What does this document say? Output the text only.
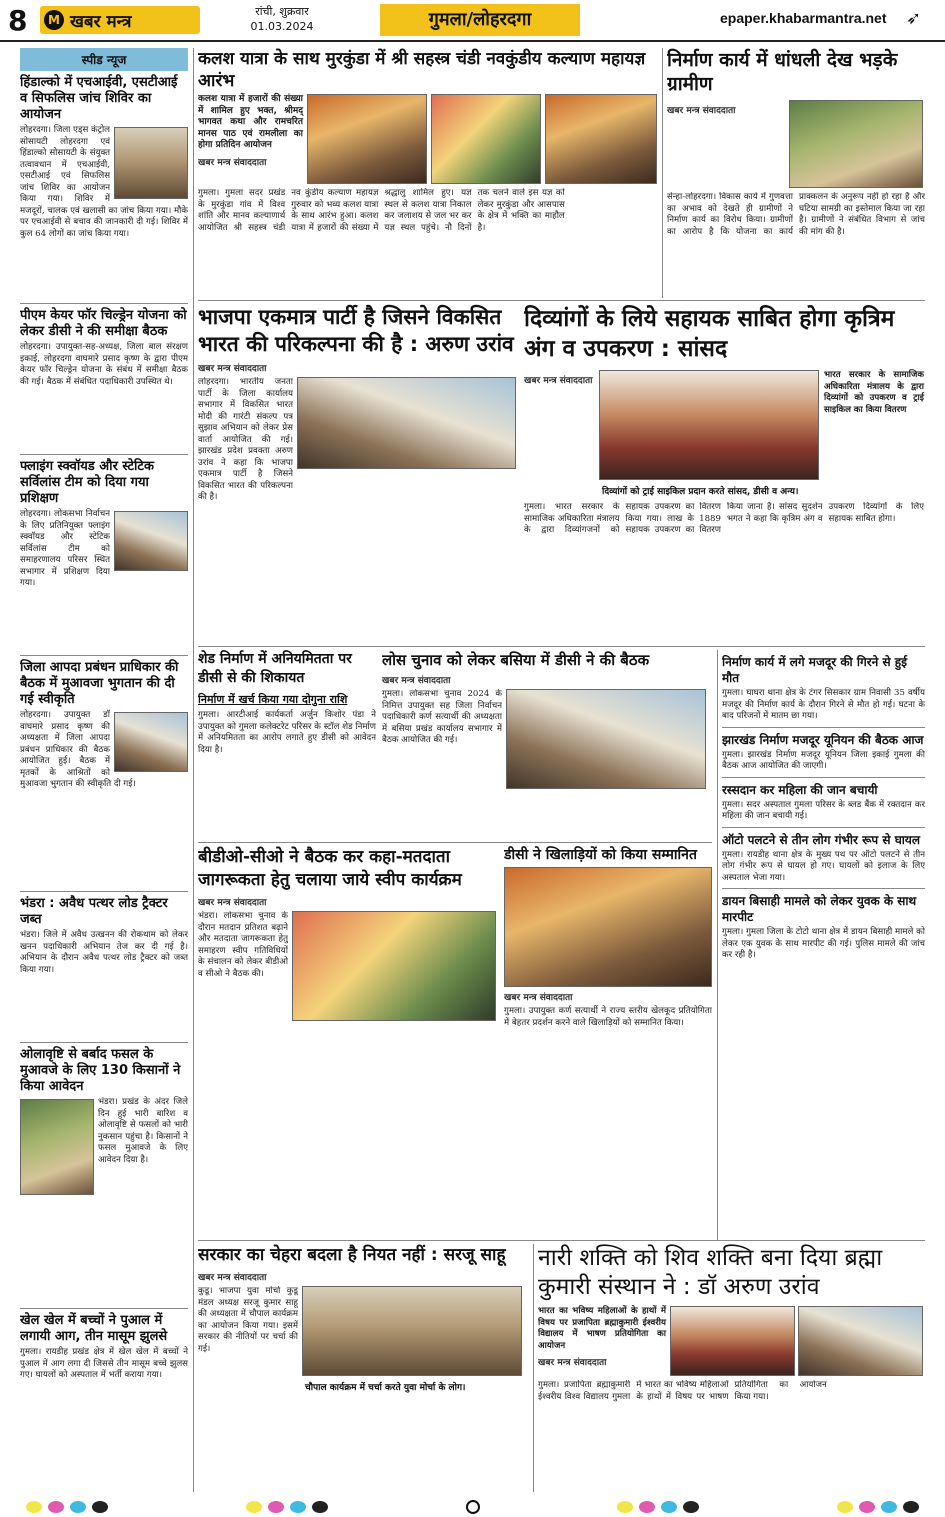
8	M खबर मन्त्र	रांची, शुक्रवार
01.03.2024	गुमला/लोहरदगा	epaper.khabarmantra.net ➶
स्पीड न्यूज
हिंडाल्को में एचआईवी, एसटीआई व सिफलिस जांच शिविर का आयोजन
लोहरदगा। जिला एड्स कंट्रोल सोसायटी लोहरदगा एवं हिंडाल्को सोसायटी के संयुक्त तत्वावधान में एचआईवी, एसटीआई एवं सिफलिस जांच शिविर का आयोजन किया गया। शिविर में मजदूरों, चालक एवं खलासी का जांच किया गया। मौके पर एचआईवी से बचाव की जानकारी दी गई। शिविर में कुल 64 लोगों का जांच किया गया।
पीएम केयर फॉर चिल्ड्रेन योजना को लेकर डीसी ने की समीक्षा बैठक
लोहरदगा। उपायुक्त-सह-अध्यक्ष, जिला बाल संरक्षण इकाई, लोहरदगा वाघमारे प्रसाद कृष्ण के द्वारा पीएम केयर फॉर चिल्ड्रेन योजना के संबंध में समीक्षा बैठक की गई। बैठक में संबंधित पदाधिकारी उपस्थित थे।
फ्लाइंग स्क्वॉयड और स्टेटिक सर्विलांस टीम को दिया गया प्रशिक्षण
लोहरदगा। लोकसभा निर्वाचन के लिए प्रतिनियुक्त फ्लाइंग स्क्वॉयड और स्टेटिक सर्विलांस टीम को समाहरणालय परिसर स्थित सभागार में प्रशिक्षण दिया गया।
जिला आपदा प्रबंधन प्राधिकार की बैठक में मुआवजा भुगतान की दी गई स्वीकृति
लोहरदगा। उपायुक्त डॉ वाघमारे प्रसाद कृष्ण की अध्यक्षता में जिला आपदा प्रबंधन प्राधिकार की बैठक आयोजित हुई। बैठक में मृतकों के आश्रितों को मुआवजा भुगतान की स्वीकृति दी गई।
भंडरा : अवैध पत्थर लोड ट्रैक्टर जब्त
भंडरा। जिले में अवैध उत्खनन की रोकथाम को लेकर खनन पदाधिकारी अभियान तेज कर दी गई है। अभियान के दौरान अवैध पत्थर लोड ट्रैक्टर को जब्त किया गया।
ओलावृष्टि से बर्बाद फसल के मुआवजे के लिए 130 किसानों ने किया आवेदन
भंडरा। प्रखंड के अंदर जिले दिन हुई भारी बारिश व ओलावृष्टि से फसलों को भारी नुकसान पहुंचा है। किसानों ने फसल मुआवजे के लिए आवेदन दिया है।
खेल खेल में बच्चों ने पुआल में लगायी आग, तीन मासूम झुलसे
गुमला। रायडीह प्रखंड क्षेत्र में खेल खेल में बच्चों ने पुआल में आग लगा दी जिससे तीन मासूम बच्चे झुलस गए। घायलों को अस्पताल में भर्ती कराया गया।
कलश यात्रा के साथ मुरकुंडा में श्री सहस्त्र चंडी नवकुंडीय कल्याण महायज्ञ आरंभ
कलश यात्रा में हजारों की संख्या में शामिल हुए भक्त, श्रीमद् भागवत कथा और रामचरित मानस पाठ एवं रामलीला का होगा प्रतिदिन आयोजन
खबर मन्त्र संवाददाता
गुमला। गुमला सदर प्रखंड के मुरकुंडा गांव में विश्व शांति और मानव कल्याणार्थ आयोजित श्री सहस्त्र चंडी नव कुंडीय कल्याण महायज्ञ गुरुवार को भव्य कलश यात्रा के साथ आरंभ हुआ। कलश यात्रा में हजारों की संख्या में श्रद्धालु शामिल हुए। यज्ञ स्थल से कलश यात्रा निकाल कर जलाशय से जल भर कर यज्ञ स्थल पहुंचे। नौ दिनों तक चलने वाले इस यज्ञ को लेकर मुरकुंडा और आसपास के क्षेत्र में भक्ति का माहौल है।
निर्माण कार्य में धांधली देख भड़के ग्रामीण
खबर मन्त्र संवाददाता
सेन्हा-लोहरदगा। विकास कार्य में गुणवत्ता का अभाव को देखते ही ग्रामीणों ने निर्माण कार्य का विरोध किया। ग्रामीणों का आरोप है कि योजना का कार्य प्राक्कलन के अनुरूप नहीं हो रहा है और घटिया सामग्री का इस्तेमाल किया जा रहा है। ग्रामीणों ने संबंधित विभाग से जांच की मांग की है।
भाजपा एकमात्र पार्टी है जिसने विकसित भारत की परिकल्पना की है : अरुण उरांव
खबर मन्त्र संवाददाता
लोहरदगा। भारतीय जनता पार्टी के जिला कार्यालय सभागार में विकसित भारत मोदी की गारंटी संकल्प पत्र सुझाव अभियान को लेकर प्रेस वार्ता आयोजित की गई। झारखंड प्रदेश प्रवक्ता अरुण उरांव ने कहा कि भाजपा एकमात्र पार्टी है जिसने विकसित भारत की परिकल्पना की है।
दिव्यांगों के लिये सहायक साबित होगा कृत्रिम अंग व उपकरण : सांसद
खबर मन्त्र संवाददाता
दिव्यांगों को ट्राई साइकिल प्रदान करते सांसद, डीसी व अन्य।
भारत सरकार के सामाजिक अधिकारिता मंत्रालय के द्वारा दिव्यांगों को उपकरण व ट्राई साइकिल का किया वितरण
गुमला। भारत सरकार के सामाजिक अधिकारिता मंत्रालय के द्वारा दिव्यांगजनों को सहायक उपकरण का वितरण किया गया। लाख के 1889 सहायक उपकरण का वितरण किया जाना है। सांसद सुदर्शन भगत ने कहा कि कृत्रिम अंग व उपकरण दिव्यांगों के लिए सहायक साबित होगा।
शेड निर्माण में अनियमितता पर डीसी से की शिकायत
निर्माण में खर्च किया गया दोगुना राशि
गुमला। आरटीआई कार्यकर्ता अर्जुन किशोर पंडा ने उपायुक्त को गुमला कलेक्टरेट परिसर के स्टॉल शेड निर्माण में अनियमितता का आरोप लगाते हुए डीसी को आवेदन दिया है।
लोस चुनाव को लेकर बसिया में डीसी ने की बैठक
खबर मन्त्र संवाददाता
गुमला। लोकसभा चुनाव 2024 के निमित्त उपायुक्त सह जिला निर्वाचन पदाधिकारी कर्ण सत्यार्थी की अध्यक्षता में बसिया प्रखंड कार्यालय सभागार में बैठक आयोजित की गई।
निर्माण कार्य में लगे मजदूर की गिरने से हुई मौत
गुमला। घाघरा थाना क्षेत्र के टंगर सिसकार ग्राम निवासी 35 वर्षीय मजदूर की निर्माण कार्य के दौरान गिरने से मौत हो गई। घटना के बाद परिजनों में मातम छा गया।
झारखंड निर्माण मजदूर यूनियन की बैठक आज
गुमला। झारखंड निर्माण मजदूर यूनियन जिला इकाई गुमला की बैठक आज आयोजित की जाएगी।
रस्सदान कर महिला की जान बचायी
गुमला। सदर अस्पताल गुमला परिसर के ब्लड बैंक में रक्तदान कर महिला की जान बचायी गई।
ऑटो पलटने से तीन लोग गंभीर रूप से घायल
गुमला। रायडीह थाना क्षेत्र के मुख्य पथ पर ऑटो पलटने से तीन लोग गंभीर रूप से घायल हो गए। घायलों को इलाज के लिए अस्पताल भेजा गया।
डायन बिसाही मामले को लेकर युवक के साथ मारपीट
गुमला। गुमला जिला के टोटो थाना क्षेत्र में डायन बिसाही मामले को लेकर एक युवक के साथ मारपीट की गई। पुलिस मामले की जांच कर रही है।
बीडीओ-सीओ ने बैठक कर कहा-मतदाता जागरूकता हेतु चलाया जाये स्वीप कार्यक्रम
खबर मन्त्र संवाददाता
भंडरा। लोकसभा चुनाव के दौरान मतदान प्रतिशत बढ़ाने और मतदाता जागरूकता हेतु समाहरण स्वीप गतिविधियों के संचालन को लेकर बीडीओ व सीओ ने बैठक की।
डीसी ने खिलाड़ियों को किया सम्मानित
खबर मन्त्र संवाददाता
गुमला। उपायुक्त कर्ण सत्यार्थी ने राज्य स्तरीय खेलकूद प्रतियोगिता में बेहतर प्रदर्शन करने वाले खिलाड़ियों को सम्मानित किया।
सरकार का चेहरा बदला है नियत नहीं : सरजू साहू
खबर मन्त्र संवाददाता
कुडू। भाजपा युवा मोर्चा कुडू मंडल अध्यक्ष सरजू कुमार साहू की अध्यक्षता में चौपाल कार्यक्रम का आयोजन किया गया। इसमें सरकार की नीतियों पर चर्चा की गई।
चौपाल कार्यक्रम में चर्चा करते युवा मोर्चा के लोग।
नारी शक्ति को शिव शक्ति बना दिया ब्रह्मा कुमारी संस्थान ने : डॉ अरुण उरांव
भारत का भविष्य महिलाओं के हाथों में विषय पर प्रजापिता ब्रह्माकुमारी ईश्वरीय विद्यालय में भाषण प्रतियोगिता का आयोजन
खबर मन्त्र संवाददाता
गुमला। प्रजापिता ब्रह्माकुमारी ईश्वरीय विश्व विद्यालय गुमला में भारत का भविष्य महिलाओं के हाथों में विषय पर भाषण प्रतियोगिता का आयोजन किया गया।
